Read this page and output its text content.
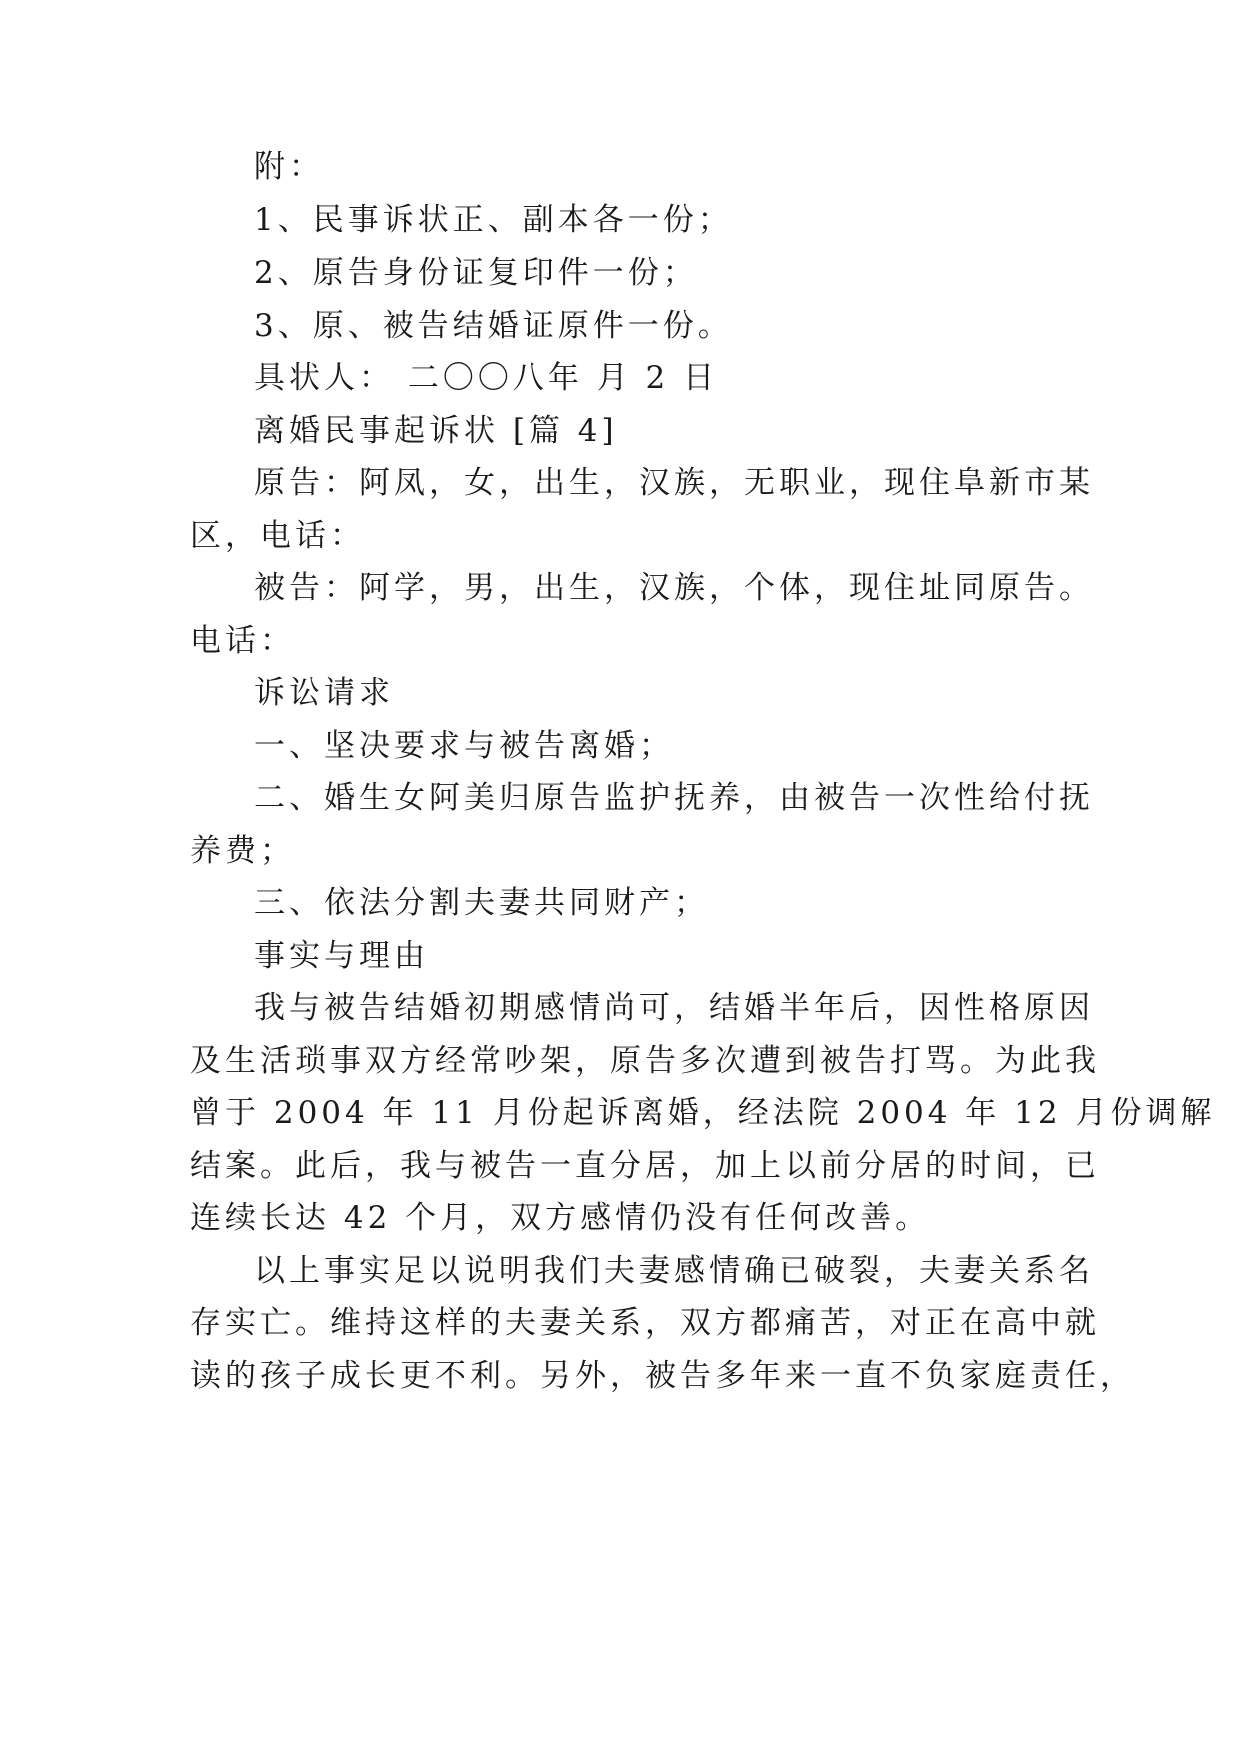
附：
1、民事诉状正、副本各一份；
2、原告身份证复印件一份；
3、原、被告结婚证原件一份。
具状人： 二〇〇八年 月 2 日
离婚民事起诉状 [篇 4]
原告：阿凤，女，出生，汉族，无职业，现住阜新市某
区，电话：
被告：阿学，男，出生，汉族，个体，现住址同原告。
电话：
诉讼请求
一、坚决要求与被告离婚；
二、婚生女阿美归原告监护抚养，由被告一次性给付抚
养费；
三、依法分割夫妻共同财产；
事实与理由
我与被告结婚初期感情尚可，结婚半年后，因性格原因
及生活琐事双方经常吵架，原告多次遭到被告打骂。为此我
曾于 2004 年 11 月份起诉离婚，经法院 2004 年 12 月份调解
结案。此后，我与被告一直分居，加上以前分居的时间，已
连续长达 42 个月，双方感情仍没有任何改善。
以上事实足以说明我们夫妻感情确已破裂，夫妻关系名
存实亡。维持这样的夫妻关系，双方都痛苦，对正在高中就
读的孩子成长更不利。另外，被告多年来一直不负家庭责任，
